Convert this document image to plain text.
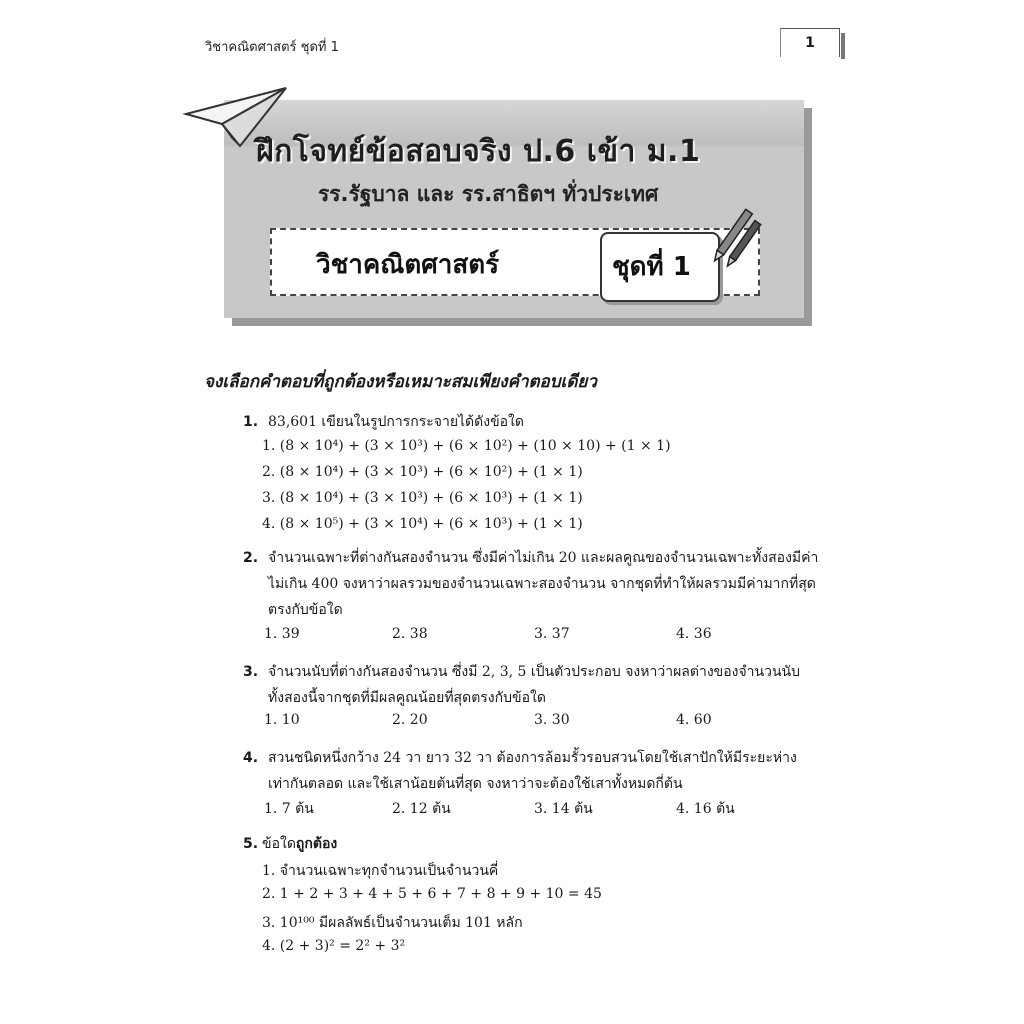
วิชาคณิตศาสตร์ ชุดที่ 1	1
ฝึกโจทย์ข้อสอบจริง ป.6 เข้า ม.1
รร.รัฐบาล และ รร.สาธิตฯ ทั่วประเทศ
วิชาคณิตศาสตร์	ชุดที่ 1
จงเลือกคำตอบที่ถูกต้องหรือเหมาะสมเพียงคำตอบเดียว
1. 83,601 เขียนในรูปการกระจายได้ดังข้อใด
1. (8 × 10⁴) + (3 × 10³) + (6 × 10²) + (10 × 10) + (1 × 1)
2. (8 × 10⁴) + (3 × 10³) + (6 × 10²) + (1 × 1)
3. (8 × 10⁴) + (3 × 10³) + (6 × 10³) + (1 × 1)
4. (8 × 10⁵) + (3 × 10⁴) + (6 × 10³) + (1 × 1)
2. จำนวนเฉพาะที่ต่างกันสองจำนวน ซึ่งมีค่าไม่เกิน 20 และผลคูณของจำนวนเฉพาะทั้งสองมีค่า
ไม่เกิน 400 จงหาว่าผลรวมของจำนวนเฉพาะสองจำนวน จากชุดที่ทำให้ผลรวมมีค่ามากที่สุด
ตรงกับข้อใด
1. 39	2. 38	3. 37	4. 36
3. จำนวนนับที่ต่างกันสองจำนวน ซึ่งมี 2, 3, 5 เป็นตัวประกอบ จงหาว่าผลต่างของจำนวนนับ
ทั้งสองนี้จากชุดที่มีผลคูณน้อยที่สุดตรงกับข้อใด
1. 10	2. 20	3. 30	4. 60
4. สวนชนิดหนึ่งกว้าง 24 วา ยาว 32 วา ต้องการล้อมรั้วรอบสวนโดยใช้เสาปักให้มีระยะห่าง
เท่ากันตลอด และใช้เสาน้อยต้นที่สุด จงหาว่าจะต้องใช้เสาทั้งหมดกี่ต้น
1. 7 ต้น	2. 12 ต้น	3. 14 ต้น	4. 16 ต้น
5. ข้อใดถูกต้อง
1. จำนวนเฉพาะทุกจำนวนเป็นจำนวนคี่
2. 1 + 2 + 3 + 4 + 5 + 6 + 7 + 8 + 9 + 10 = 45
3. 10¹⁰⁰ มีผลลัพธ์เป็นจำนวนเต็ม 101 หลัก
4. (2 + 3)² = 2² + 3²
